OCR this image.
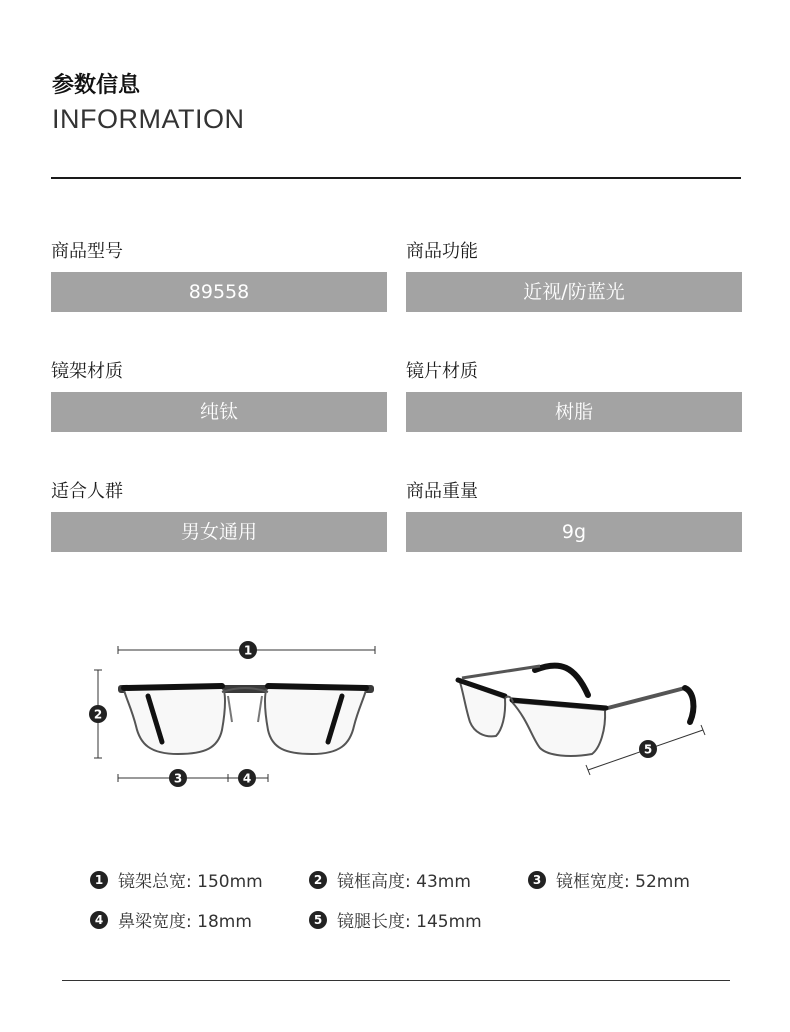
参数信息
INFORMATION
商品型号
89558
商品功能
近视/防蓝光
镜架材质
纯钛
镜片材质
树脂
适合人群
男女通用
商品重量
9g
1
2
3	4
5
1 镜架总宽: 150mm	2 镜框高度: 43mm	3 镜框宽度: 52mm
4 鼻梁宽度: 18mm	5 镜腿长度: 145mm
